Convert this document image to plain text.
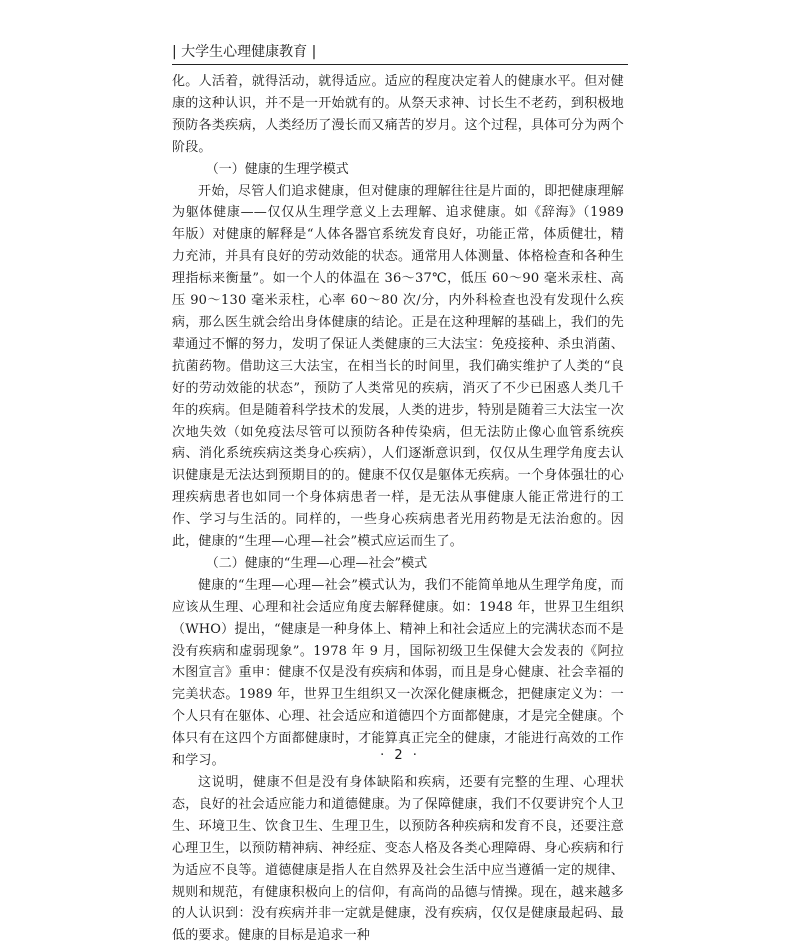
| 大学生心理健康教育 |

化。人活着，就得活动，就得适应。适应的程度决定着人的健康水平。但对健康的这种认识，并不是一开始就有的。从祭天求神、讨长生不老药，到积极地预防各类疾病，人类经历了漫长而又痛苦的岁月。这个过程，具体可分为两个阶段。

（一）健康的生理学模式

开始，尽管人们追求健康，但对健康的理解往往是片面的，即把健康理解为躯体健康——仅仅从生理学意义上去理解、追求健康。如《辞海》（1989 年版）对健康的解释是“人体各器官系统发育良好，功能正常，体质健壮，精力充沛，并具有良好的劳动效能的状态。通常用人体测量、体格检查和各种生理指标来衡量”。如一个人的体温在 36～37℃，低压 60～90 毫米汞柱、高压 90～130 毫米汞柱，心率 60～80 次/分，内外科检查也没有发现什么疾病，那么医生就会给出身体健康的结论。正是在这种理解的基础上，我们的先辈通过不懈的努力，发明了保证人类健康的三大法宝：免疫接种、杀虫消菌、抗菌药物。借助这三大法宝，在相当长的时间里，我们确实维护了人类的“良好的劳动效能的状态”，预防了人类常见的疾病，消灭了不少已困惑人类几千年的疾病。但是随着科学技术的发展，人类的进步，特别是随着三大法宝一次次地失效（如免疫法尽管可以预防各种传染病，但无法防止像心血管系统疾病、消化系统疾病这类身心疾病），人们逐渐意识到，仅仅从生理学角度去认识健康是无法达到预期目的的。健康不仅仅是躯体无疾病。一个身体强壮的心理疾病患者也如同一个身体病患者一样，是无法从事健康人能正常进行的工作、学习与生活的。同样的，一些身心疾病患者光用药物是无法治愈的。因此，健康的“生理—心理—社会”模式应运而生了。

（二）健康的“生理—心理—社会”模式

健康的“生理—心理—社会”模式认为，我们不能简单地从生理学角度，而应该从生理、心理和社会适应角度去解释健康。如：1948 年，世界卫生组织（WHO）提出，“健康是一种身体上、精神上和社会适应上的完满状态而不是没有疾病和虚弱现象”。1978 年 9 月，国际初级卫生保健大会发表的《阿拉木图宣言》重申：健康不仅是没有疾病和体弱，而且是身心健康、社会幸福的完美状态。1989 年，世界卫生组织又一次深化健康概念，把健康定义为：一个人只有在躯体、心理、社会适应和道德四个方面都健康，才是完全健康。个体只有在这四个方面都健康时，才能算真正完全的健康，才能进行高效的工作和学习。

这说明，健康不但是没有身体缺陷和疾病，还要有完整的生理、心理状态，良好的社会适应能力和道德健康。为了保障健康，我们不仅要讲究个人卫生、环境卫生、饮食卫生、生理卫生，以预防各种疾病和发育不良，还要注意心理卫生，以预防精神病、神经症、变态人格及各类心理障碍、身心疾病和行为适应不良等。道德健康是指人在自然界及社会生活中应当遵循一定的规律、规则和规范，有健康积极向上的信仰，有高尚的品德与情操。现在，越来越多的人认识到：没有疾病并非一定就是健康，没有疾病，仅仅是健康最起码、最低的要求。健康的目标是追求一种

· 2 ·
